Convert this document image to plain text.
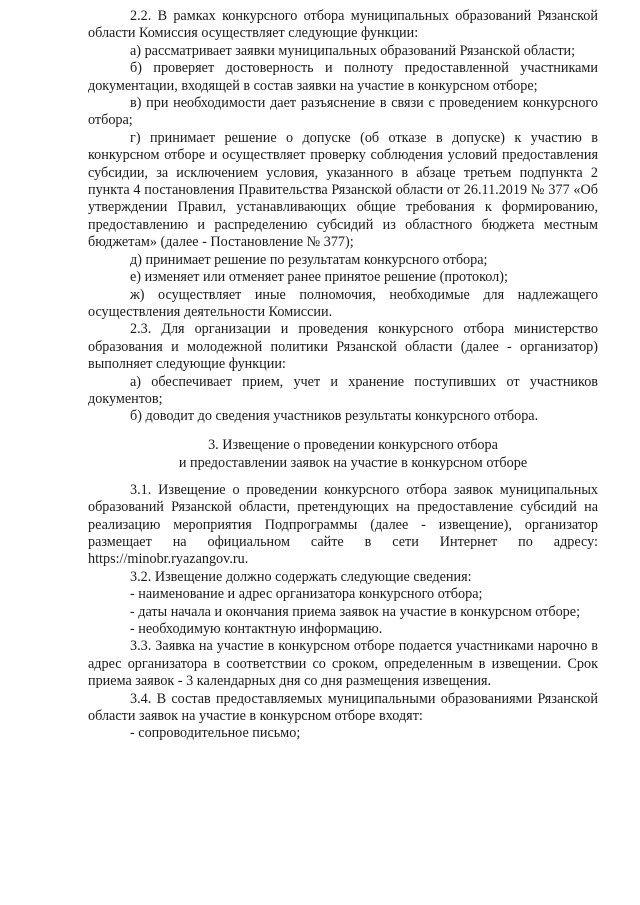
2.2. В рамках конкурсного отбора муниципальных образований Рязанской области Комиссия осуществляет следующие функции:

а) рассматривает заявки муниципальных образований Рязанской области;

б) проверяет достоверность и полноту предоставленной участниками документации, входящей в состав заявки на участие в конкурсном отборе;

в) при необходимости дает разъяснение в связи с проведением конкурсного отбора;

г) принимает решение о допуске (об отказе в допуске) к участию в конкурсном отборе и осуществляет проверку соблюдения условий предоставления субсидии, за исключением условия, указанного в абзаце третьем подпункта 2 пункта 4 постановления Правительства Рязанской области от 26.11.2019 № 377 «Об утверждении Правил, устанавливающих общие требования к формированию, предоставлению и распределению субсидий из областного бюджета местным бюджетам» (далее - Постановление № 377);

д) принимает решение по результатам конкурсного отбора;

е) изменяет или отменяет ранее принятое решение (протокол);

ж) осуществляет иные полномочия, необходимые для надлежащего осуществления деятельности Комиссии.

2.3. Для организации и проведения конкурсного отбора министерство образования и молодежной политики Рязанской области (далее - организатор) выполняет следующие функции:

а) обеспечивает прием, учет и хранение поступивших от участников документов;

б) доводит до сведения участников результаты конкурсного отбора.

3. Извещение о проведении конкурсного отбора
и предоставлении заявок на участие в конкурсном отборе

3.1. Извещение о проведении конкурсного отбора заявок муниципальных образований Рязанской области, претендующих на предоставление субсидий на реализацию мероприятия Подпрограммы (далее - извещение), организатор размещает на официальном сайте в сети Интернет по адресу: https://minobr.ryazangov.ru.

3.2. Извещение должно содержать следующие сведения:

- наименование и адрес организатора конкурсного отбора;

- даты начала и окончания приема заявок на участие в конкурсном отборе;

- необходимую контактную информацию.

3.3. Заявка на участие в конкурсном отборе подается участниками нарочно в адрес организатора в соответствии со сроком, определенным в извещении. Срок приема заявок - 3 календарных дня со дня размещения извещения.

3.4. В состав предоставляемых муниципальными образованиями Рязанской области заявок на участие в конкурсном отборе входят:

- сопроводительное письмо;
